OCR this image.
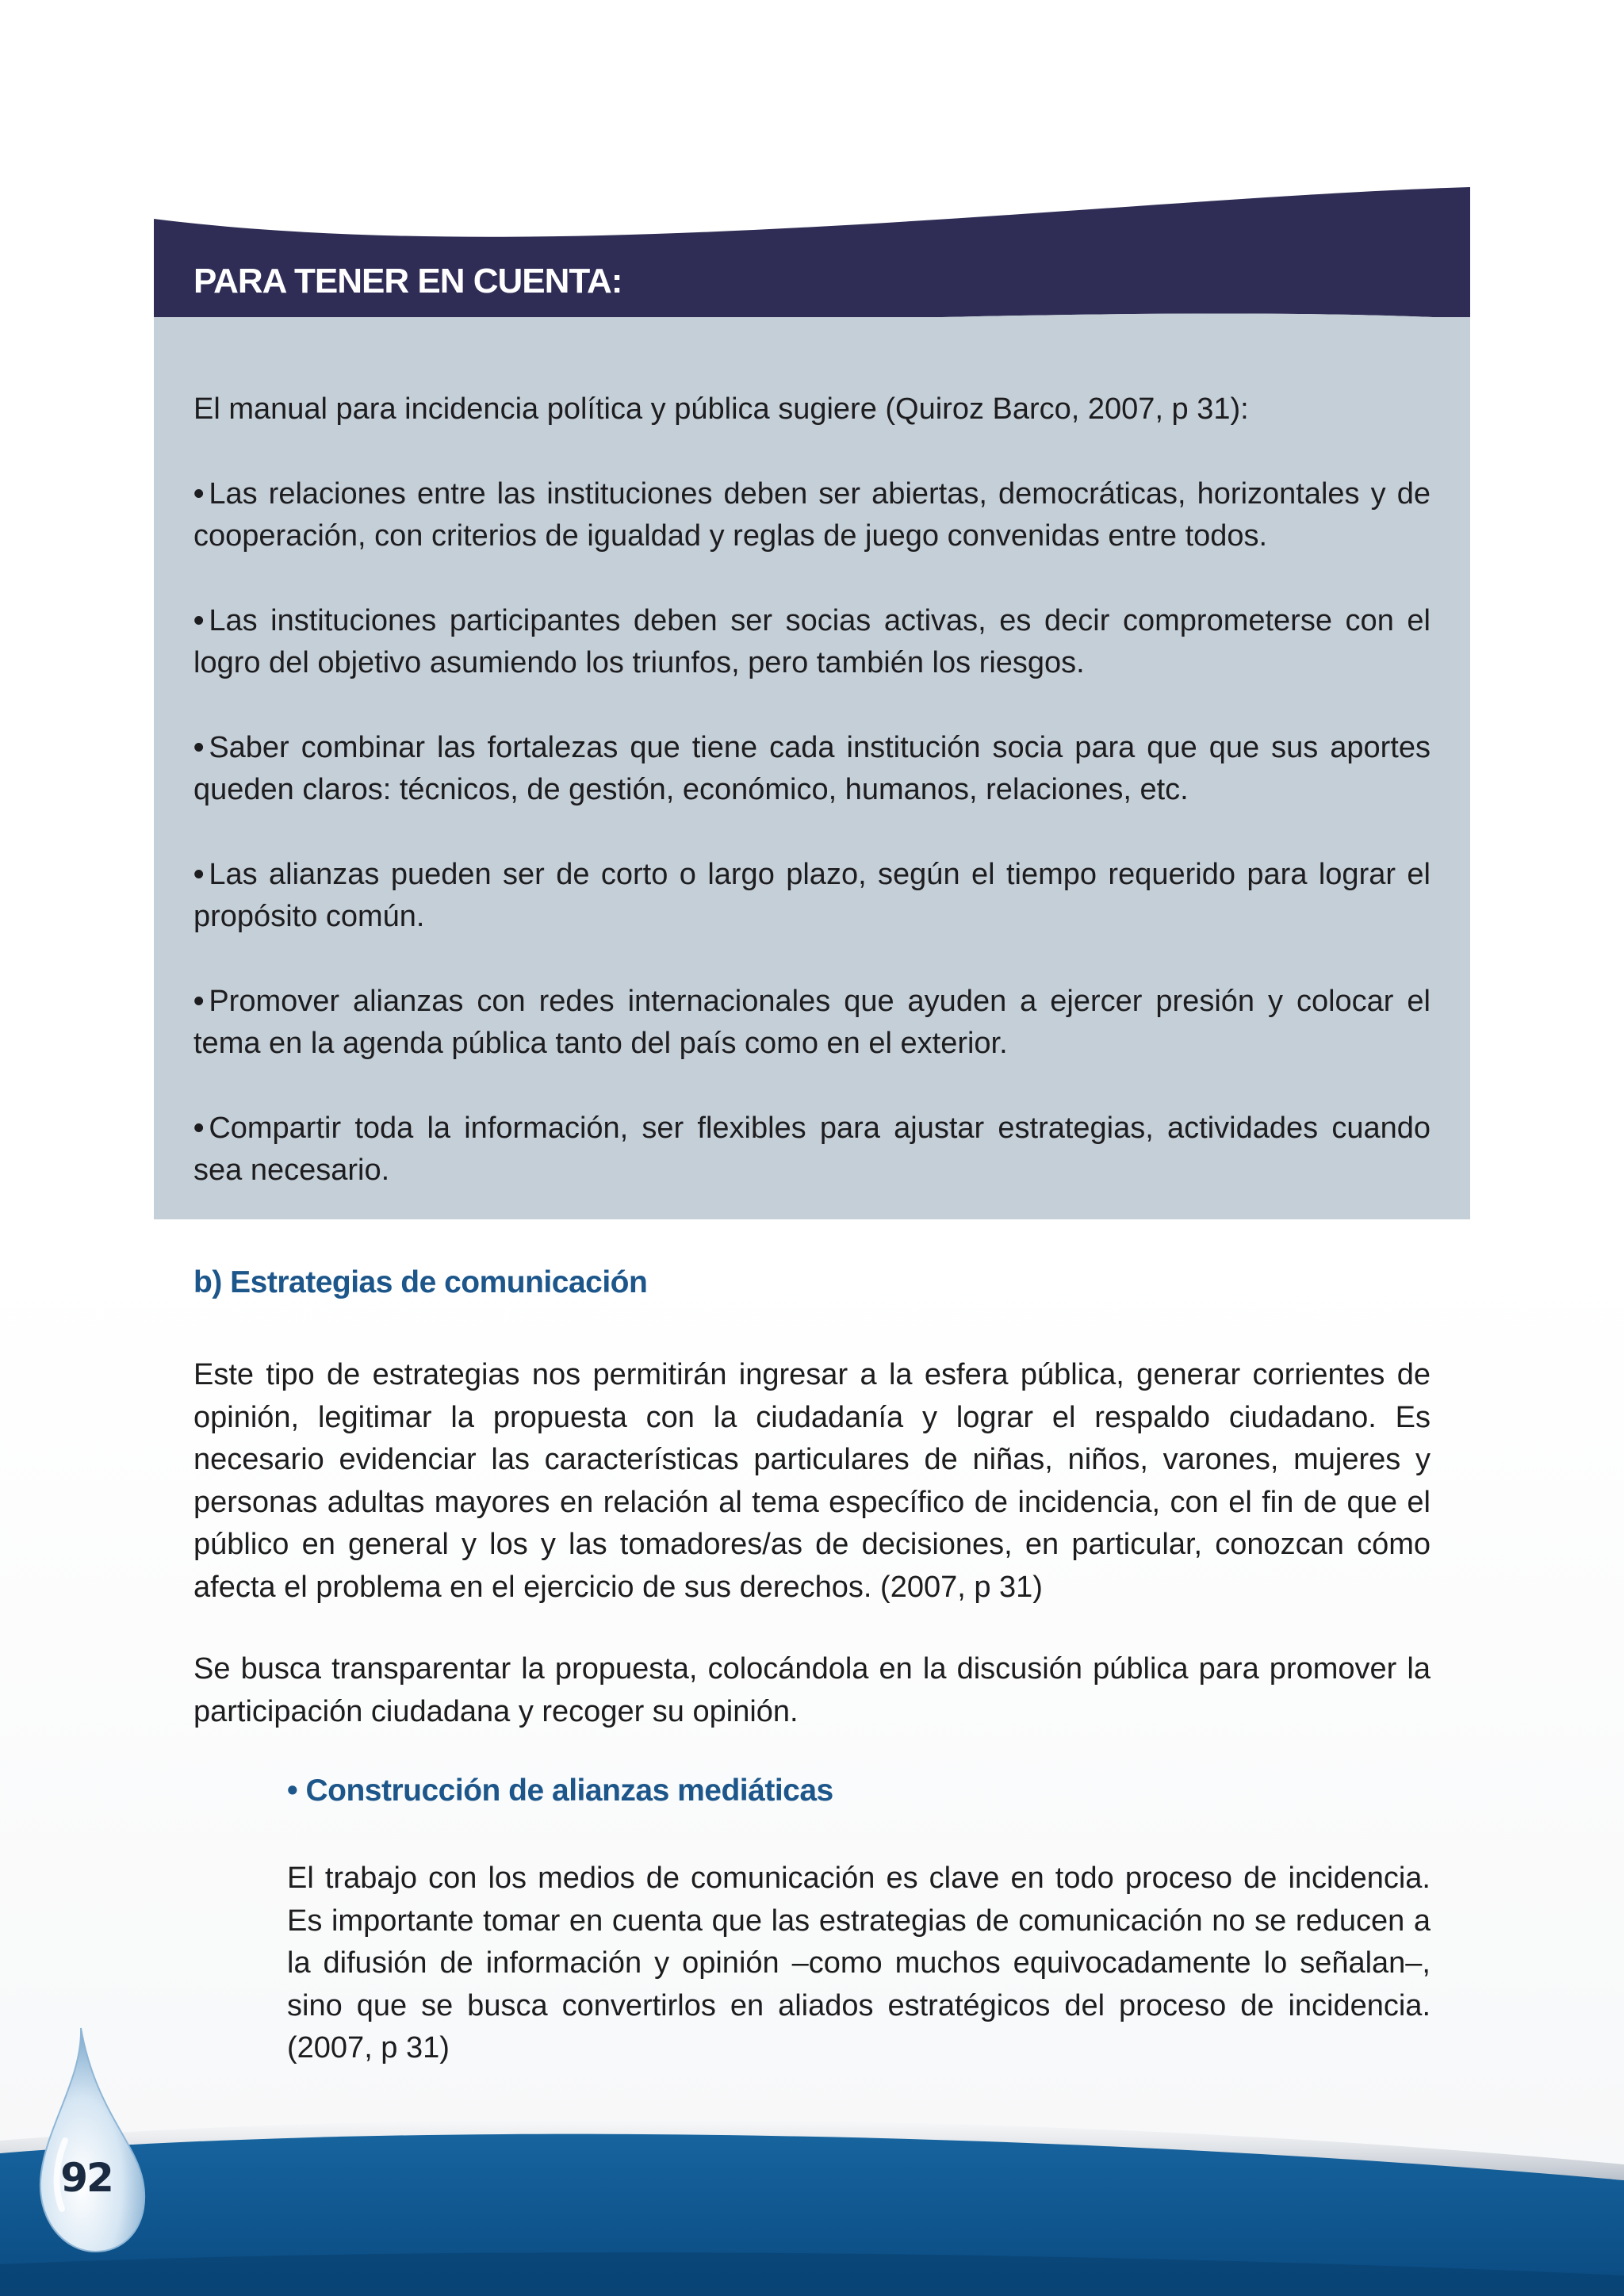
PARA TENER EN CUENTA:

El manual para incidencia política y pública sugiere (Quiroz Barco, 2007, p 31):

• Las relaciones entre las instituciones deben ser abiertas, democráticas, horizontales y de cooperación, con criterios de igualdad y reglas de juego convenidas entre todos.
• Las instituciones participantes deben ser socias activas, es decir comprometerse con el logro del objetivo asumiendo los triunfos, pero también los riesgos.
• Saber combinar las fortalezas que tiene cada institución socia para que que sus aportes queden claros: técnicos, de gestión, económico, humanos, relaciones, etc.
• Las alianzas pueden ser de corto o largo plazo, según el tiempo requerido para lograr el propósito común.
• Promover alianzas con redes internacionales que ayuden a ejercer presión y colocar el tema en la agenda pública tanto del país como en el exterior.
• Compartir toda la información, ser flexibles para ajustar estrategias, actividades cuando sea necesario.
b) Estrategias de comunicación

Este tipo de estrategias nos permitirán ingresar a la esfera pública, generar corrientes de opinión, legitimar la propuesta con la ciudadanía y lograr el respaldo ciudadano. Es necesario evidenciar las características particulares de niñas, niños, varones, mujeres y personas adultas mayores en relación al tema específico de incidencia, con el fin de que el público en general y los y las tomadores/as de decisiones, en particular, conozcan cómo afecta el problema en el ejercicio de sus derechos. (2007, p 31)

Se busca transparentar la propuesta, colocándola en la discusión pública para promover la participación ciudadana y recoger su opinión.

• Construcción de alianzas mediáticas

El trabajo con los medios de comunicación es clave en todo proceso de incidencia. Es importante tomar en cuenta que las estrategias de comunicación no se reducen a la difusión de información y opinión –como muchos equivocadamente lo señalan–, sino que se busca convertirlos en aliados estratégicos del proceso de incidencia. (2007, p 31)

92
